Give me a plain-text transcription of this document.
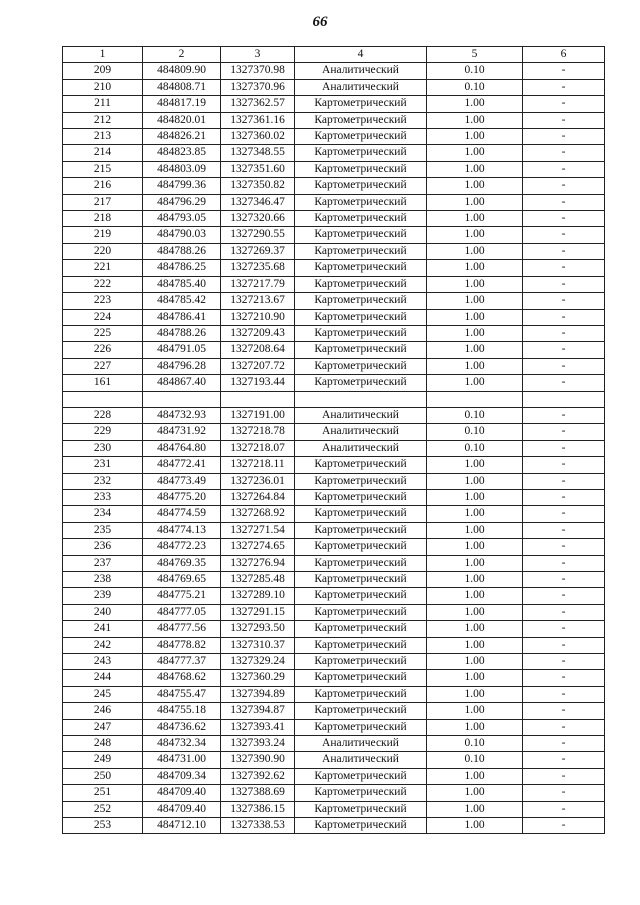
66
1	2	3	4	5	6
209	484809.90	1327370.98	Аналитический	0.10	-
210	484808.71	1327370.96	Аналитический	0.10	-
211	484817.19	1327362.57	Картометрический	1.00	-
212	484820.01	1327361.16	Картометрический	1.00	-
213	484826.21	1327360.02	Картометрический	1.00	-
214	484823.85	1327348.55	Картометрический	1.00	-
215	484803.09	1327351.60	Картометрический	1.00	-
216	484799.36	1327350.82	Картометрический	1.00	-
217	484796.29	1327346.47	Картометрический	1.00	-
218	484793.05	1327320.66	Картометрический	1.00	-
219	484790.03	1327290.55	Картометрический	1.00	-
220	484788.26	1327269.37	Картометрический	1.00	-
221	484786.25	1327235.68	Картометрический	1.00	-
222	484785.40	1327217.79	Картометрический	1.00	-
223	484785.42	1327213.67	Картометрический	1.00	-
224	484786.41	1327210.90	Картометрический	1.00	-
225	484788.26	1327209.43	Картометрический	1.00	-
226	484791.05	1327208.64	Картометрический	1.00	-
227	484796.28	1327207.72	Картометрический	1.00	-
161	484867.40	1327193.44	Картометрический	1.00	-

228	484732.93	1327191.00	Аналитический	0.10	-
229	484731.92	1327218.78	Аналитический	0.10	-
230	484764.80	1327218.07	Аналитический	0.10	-
231	484772.41	1327218.11	Картометрический	1.00	-
232	484773.49	1327236.01	Картометрический	1.00	-
233	484775.20	1327264.84	Картометрический	1.00	-
234	484774.59	1327268.92	Картометрический	1.00	-
235	484774.13	1327271.54	Картометрический	1.00	-
236	484772.23	1327274.65	Картометрический	1.00	-
237	484769.35	1327276.94	Картометрический	1.00	-
238	484769.65	1327285.48	Картометрический	1.00	-
239	484775.21	1327289.10	Картометрический	1.00	-
240	484777.05	1327291.15	Картометрический	1.00	-
241	484777.56	1327293.50	Картометрический	1.00	-
242	484778.82	1327310.37	Картометрический	1.00	-
243	484777.37	1327329.24	Картометрический	1.00	-
244	484768.62	1327360.29	Картометрический	1.00	-
245	484755.47	1327394.89	Картометрический	1.00	-
246	484755.18	1327394.87	Картометрический	1.00	-
247	484736.62	1327393.41	Картометрический	1.00	-
248	484732.34	1327393.24	Аналитический	0.10	-
249	484731.00	1327390.90	Аналитический	0.10	-
250	484709.34	1327392.62	Картометрический	1.00	-
251	484709.40	1327388.69	Картометрический	1.00	-
252	484709.40	1327386.15	Картометрический	1.00	-
253	484712.10	1327338.53	Картометрический	1.00	-
